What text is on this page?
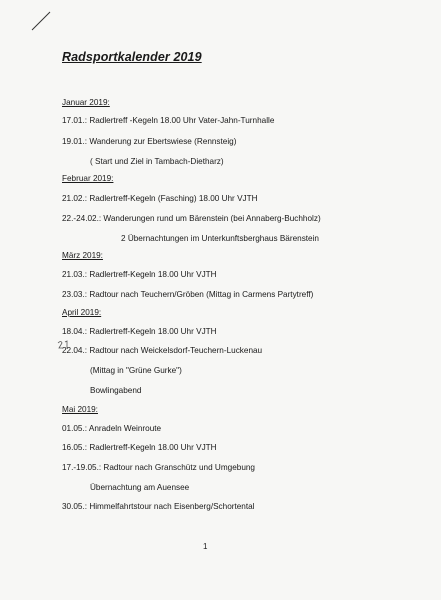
Radsportkalender 2019
Januar 2019:
17.01.: Radlertreff -Kegeln 18.00 Uhr Vater-Jahn-Turnhalle
19.01.: Wanderung zur Ebertswiese (Rennsteig)
( Start und Ziel in Tambach-Dietharz)
Februar 2019:
21.02.: Radlertreff-Kegeln (Fasching) 18.00 Uhr VJTH
22.-24.02.: Wanderungen rund um Bärenstein (bei Annaberg-Buchholz)
2 Übernachtungen im Unterkunftsberghaus Bärenstein
März 2019:
21.03.: Radlertreff-Kegeln 18.00 Uhr VJTH
23.03.: Radtour nach Teuchern/Gröben (Mittag in Carmens Partytreff)
April 2019:
18.04.: Radlertreff-Kegeln 18.00 Uhr VJTH
22.04.: Radtour nach Weickelsdorf-Teuchern-Luckenau
(Mittag in "Grüne Gurke")
Bowlingabend
Mai 2019:
01.05.: Anradeln Weinroute
16.05.: Radlertreff-Kegeln 18.00 Uhr VJTH
17.-19.05.: Radtour nach Granschütz und Umgebung
Übernachtung am Auensee
30.05.: Himmelfahrtstour nach Eisenberg/Schortental
1
